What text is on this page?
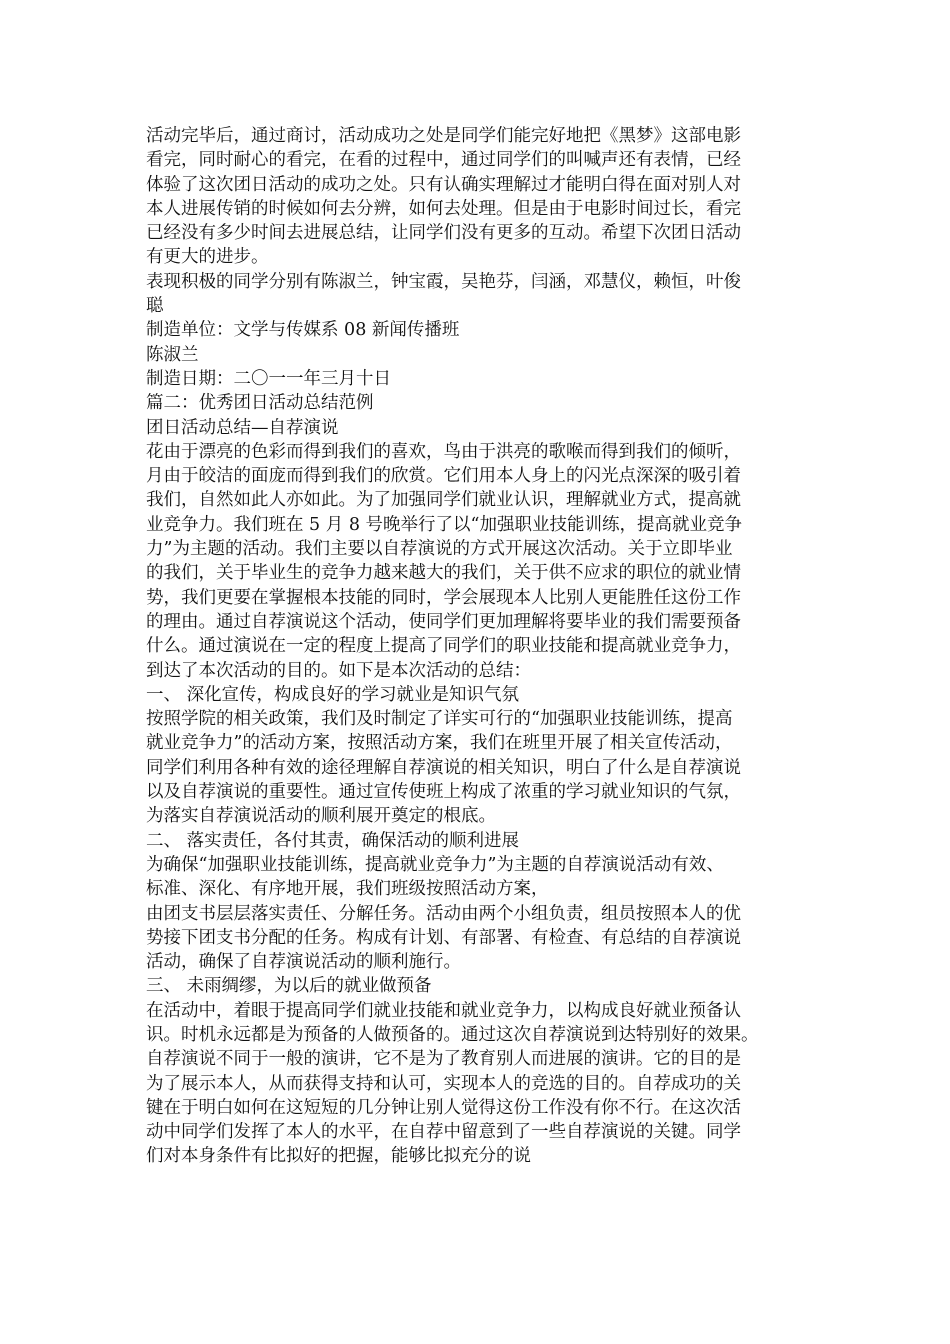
活动完毕后，通过商讨，活动成功之处是同学们能完好地把《黑梦》这部电影
看完，同时耐心的看完，在看的过程中，通过同学们的叫喊声还有表情，已经
体验了这次团日活动的成功之处。只有认确实理解过才能明白得在面对别人对
本人进展传销的时候如何去分辨，如何去处理。但是由于电影时间过长，看完
已经没有多少时间去进展总结，让同学们没有更多的互动。希望下次团日活动
有更大的进步。
表现积极的同学分别有陈淑兰，钟宝霞，吴艳芬，闫涵，邓慧仪，赖恒，叶俊
聪
制造单位：文学与传媒系 08 新闻传播班
陈淑兰
制造日期：二〇一一年三月十日
篇二：优秀团日活动总结范例
团日活动总结—自荐演说
花由于漂亮的色彩而得到我们的喜欢，鸟由于洪亮的歌喉而得到我们的倾听，
月由于皎洁的面庞而得到我们的欣赏。它们用本人身上的闪光点深深的吸引着
我们，自然如此人亦如此。为了加强同学们就业认识，理解就业方式，提高就
业竞争力。我们班在 5 月 8 号晚举行了以“加强职业技能训练，提高就业竞争
力”为主题的活动。我们主要以自荐演说的方式开展这次活动。关于立即毕业
的我们，关于毕业生的竞争力越来越大的我们，关于供不应求的职位的就业情
势，我们更要在掌握根本技能的同时，学会展现本人比别人更能胜任这份工作
的理由。通过自荐演说这个活动，使同学们更加理解将要毕业的我们需要预备
什么。通过演说在一定的程度上提高了同学们的职业技能和提高就业竞争力，
到达了本次活动的目的。如下是本次活动的总结：
一、 深化宣传，构成良好的学习就业是知识气氛
按照学院的相关政策，我们及时制定了详实可行的“加强职业技能训练，提高
就业竞争力”的活动方案，按照活动方案，我们在班里开展了相关宣传活动，
同学们利用各种有效的途径理解自荐演说的相关知识，明白了什么是自荐演说
以及自荐演说的重要性。通过宣传使班上构成了浓重的学习就业知识的气氛，
为落实自荐演说活动的顺利展开奠定的根底。
二、 落实责任，各付其责，确保活动的顺利进展
为确保“加强职业技能训练，提高就业竞争力”为主题的自荐演说活动有效、
标准、深化、有序地开展，我们班级按照活动方案，
由团支书层层落实责任、分解任务。活动由两个小组负责，组员按照本人的优
势接下团支书分配的任务。构成有计划、有部署、有检查、有总结的自荐演说
活动，确保了自荐演说活动的顺利施行。
三、 未雨绸缪，为以后的就业做预备
在活动中，着眼于提高同学们就业技能和就业竞争力，以构成良好就业预备认
识。时机永远都是为预备的人做预备的。通过这次自荐演说到达特别好的效果。
自荐演说不同于一般的演讲，它不是为了教育别人而进展的演讲。它的目的是
为了展示本人，从而获得支持和认可，实现本人的竞选的目的。自荐成功的关
键在于明白如何在这短短的几分钟让别人觉得这份工作没有你不行。在这次活
动中同学们发挥了本人的水平，在自荐中留意到了一些自荐演说的关键。同学
们对本身条件有比拟好的把握，能够比拟充分的说
